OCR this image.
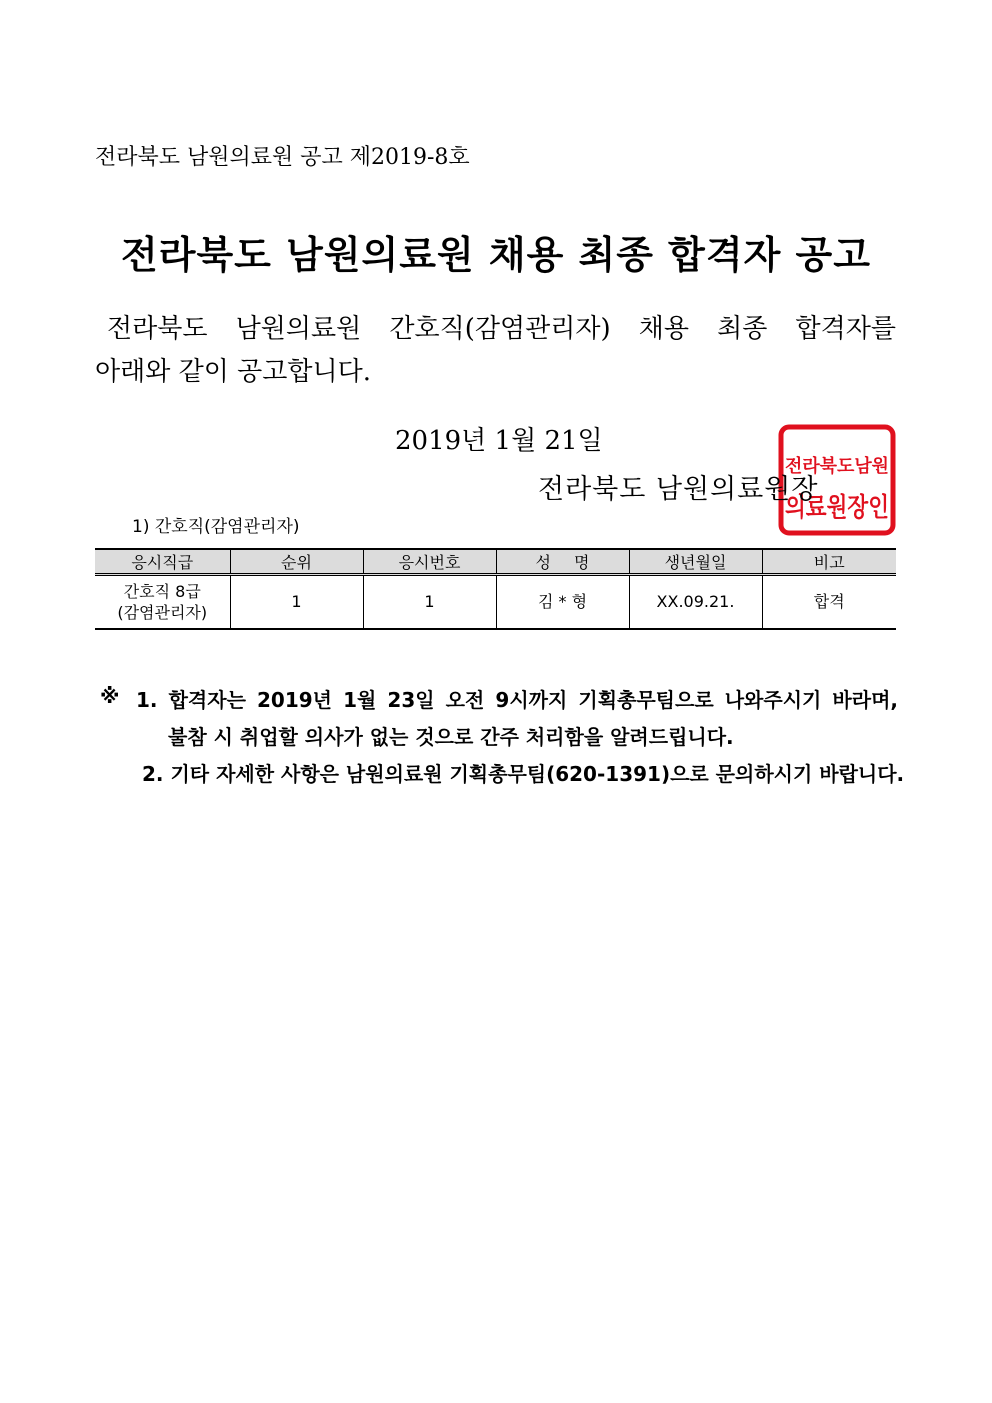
전라북도 남원의료원 공고 제2019-8호
전라북도 남원의료원 채용 최종 합격자 공고
전라북도 남원의료원 간호직(감염관리자) 채용 최종 합격자를
아래와 같이 공고합니다.
2019년 1월 21일
전라북도남원
의료원장인
전라북도 남원의료원장
1) 간호직(감염관리자)
응시직급	순위	응시번호	성 명	생년월일	비고

간호직 8급
(감염관리자)	1	1	김 * 형	XX.09.21.	합격
※ 1. 합격자는 2019년 1월 23일 오전 9시까지 기획총무팀으로 나와주시기 바라며,
불참 시 취업할 의사가 없는 것으로 간주 처리함을 알려드립니다.
2. 기타 자세한 사항은 남원의료원 기획총무팀(620-1391)으로 문의하시기 바랍니다.
